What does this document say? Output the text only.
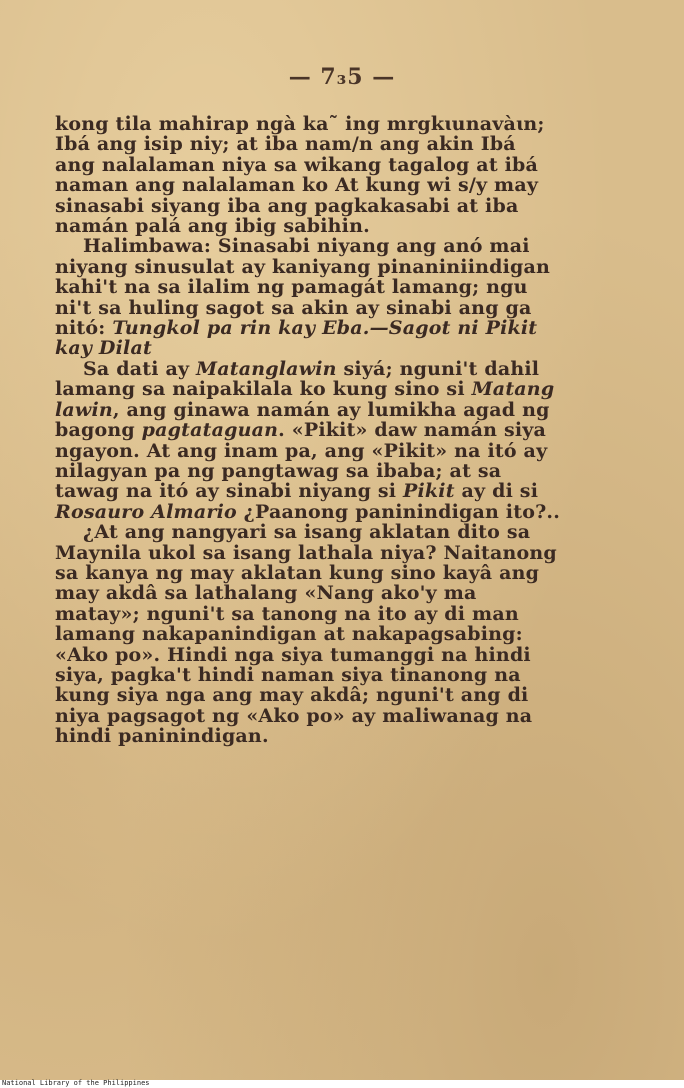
— 7₃5 —

kong tila mahirap ngà ka˜ ing mrgkɩunavàɩn; Ibá ang isip niy; at iba nam/n ang akin Ibá ang nalalaman niya sa wikang tagalog at ibá naman ang nalalaman ko At kung wi s/y may sinasabi siyang iba ang pagkakasabi at iba namán palá ang ibig sabihin.

Halimbawa: Sinasabi niyang ang anó mai niyang sinusulat ay kaniyang pinaniniindigan kahi't na sa ilalim ng pamagát lamang; ngu ni't sa huling sagot sa akin ay sinabi ang ga nitó: Tungkol pa rin kay Eba.—Sagot ni Pikit kay Dilat

Sa dati ay Matanglawin siyá; nguni't dahil lamang sa naipakilala ko kung sino si Matang lawin, ang ginawa namán ay lumikha agad ng bagong pagtataguan. «Pikit» daw namán siya ngayon. At ang inam pa, ang «Pikit» na itó ay nilagyan pa ng pangtawag sa ibaba; at sa tawag na itó ay sinabi niyang si Pikit ay di si Rosauro Almario ¿Paanong paninindigan ito?..

¿At ang nangyari sa isang aklatan dito sa Maynila ukol sa isang lathala niya? Naitanong sa kanya ng may aklatan kung sino kayâ ang may akdâ sa lathalang «Nang ako'y ma matay»; nguni't sa tanong na ito ay di man lamang nakapanindigan at nakapagsabing: «Ako po». Hindi nga siya tumanggi na hindi siya, pagka't hindi naman siya tinanong na kung siya nga ang may akdâ; nguni't ang di niya pagsagot ng «Ako po» ay maliwanag na hindi paninindigan.

National Library of the Philippines
